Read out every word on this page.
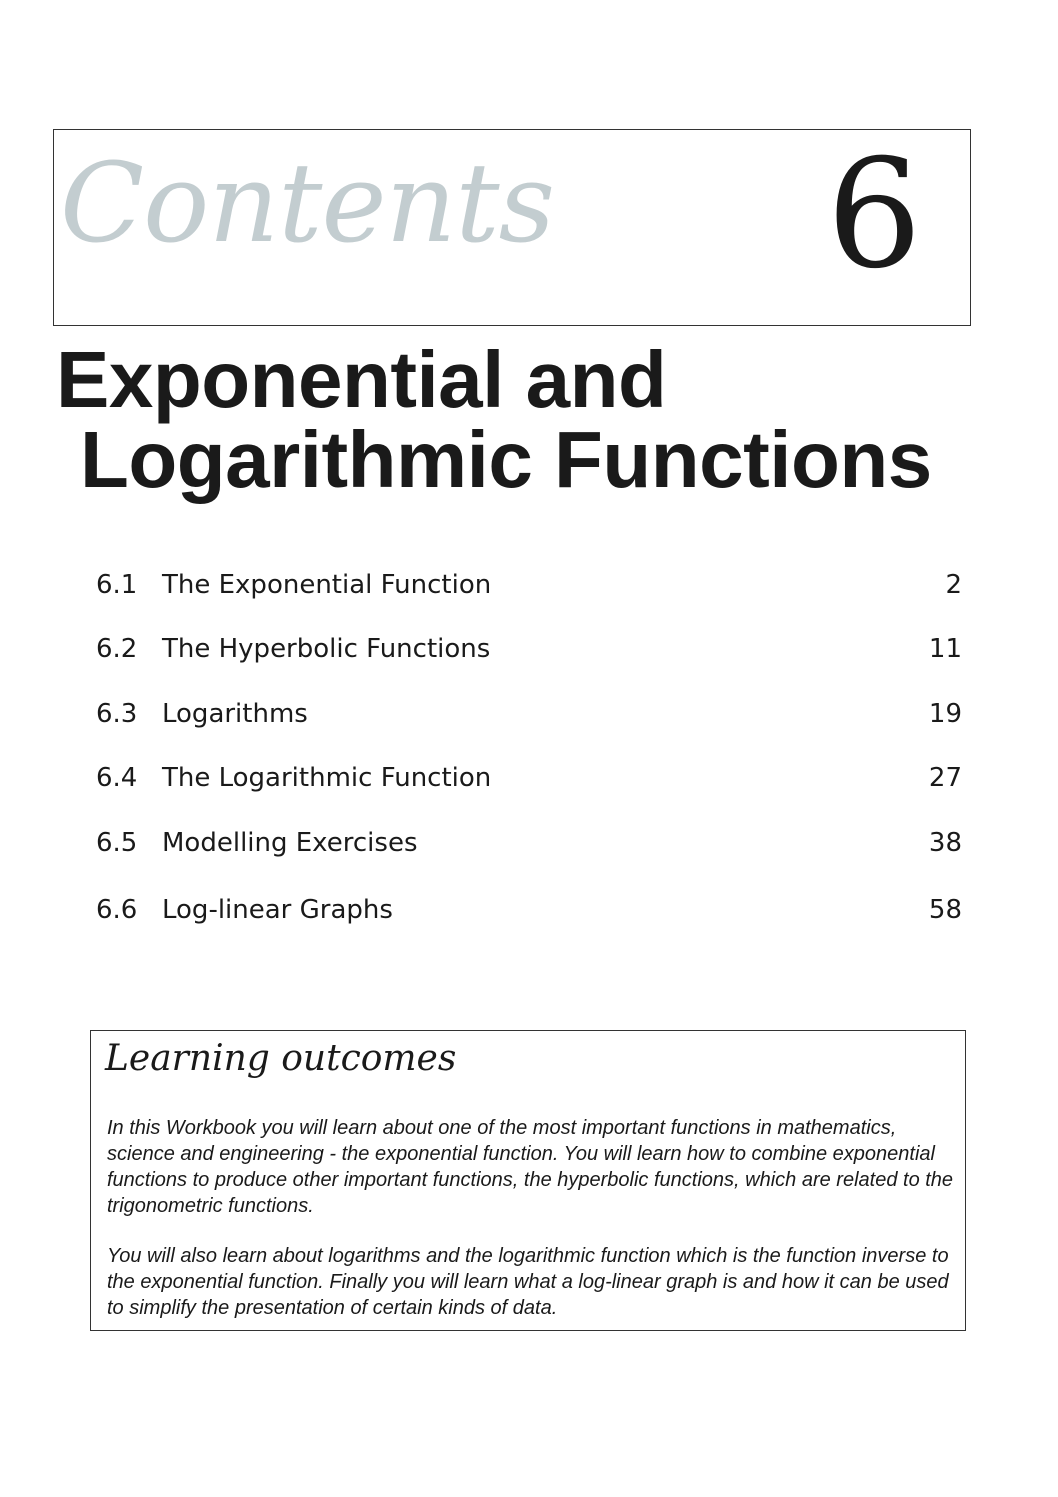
Contents 6
Exponential and
Logarithmic Functions
6.1 The Exponential Function	2
6.2 The Hyperbolic Functions	11
6.3 Logarithms	19
6.4 The Logarithmic Function	27
6.5 Modelling Exercises	38
6.6 Log-linear Graphs	58
Learning outcomes

In this Workbook you will learn about one of the most important functions in mathematics, science and engineering - the exponential function. You will learn how to combine exponential functions to produce other important functions, the hyperbolic functions, which are related to the trigonometric functions.

You will also learn about logarithms and the logarithmic function which is the function inverse to the exponential function. Finally you will learn what a log-linear graph is and how it can be used to simplify the presentation of certain kinds of data.
